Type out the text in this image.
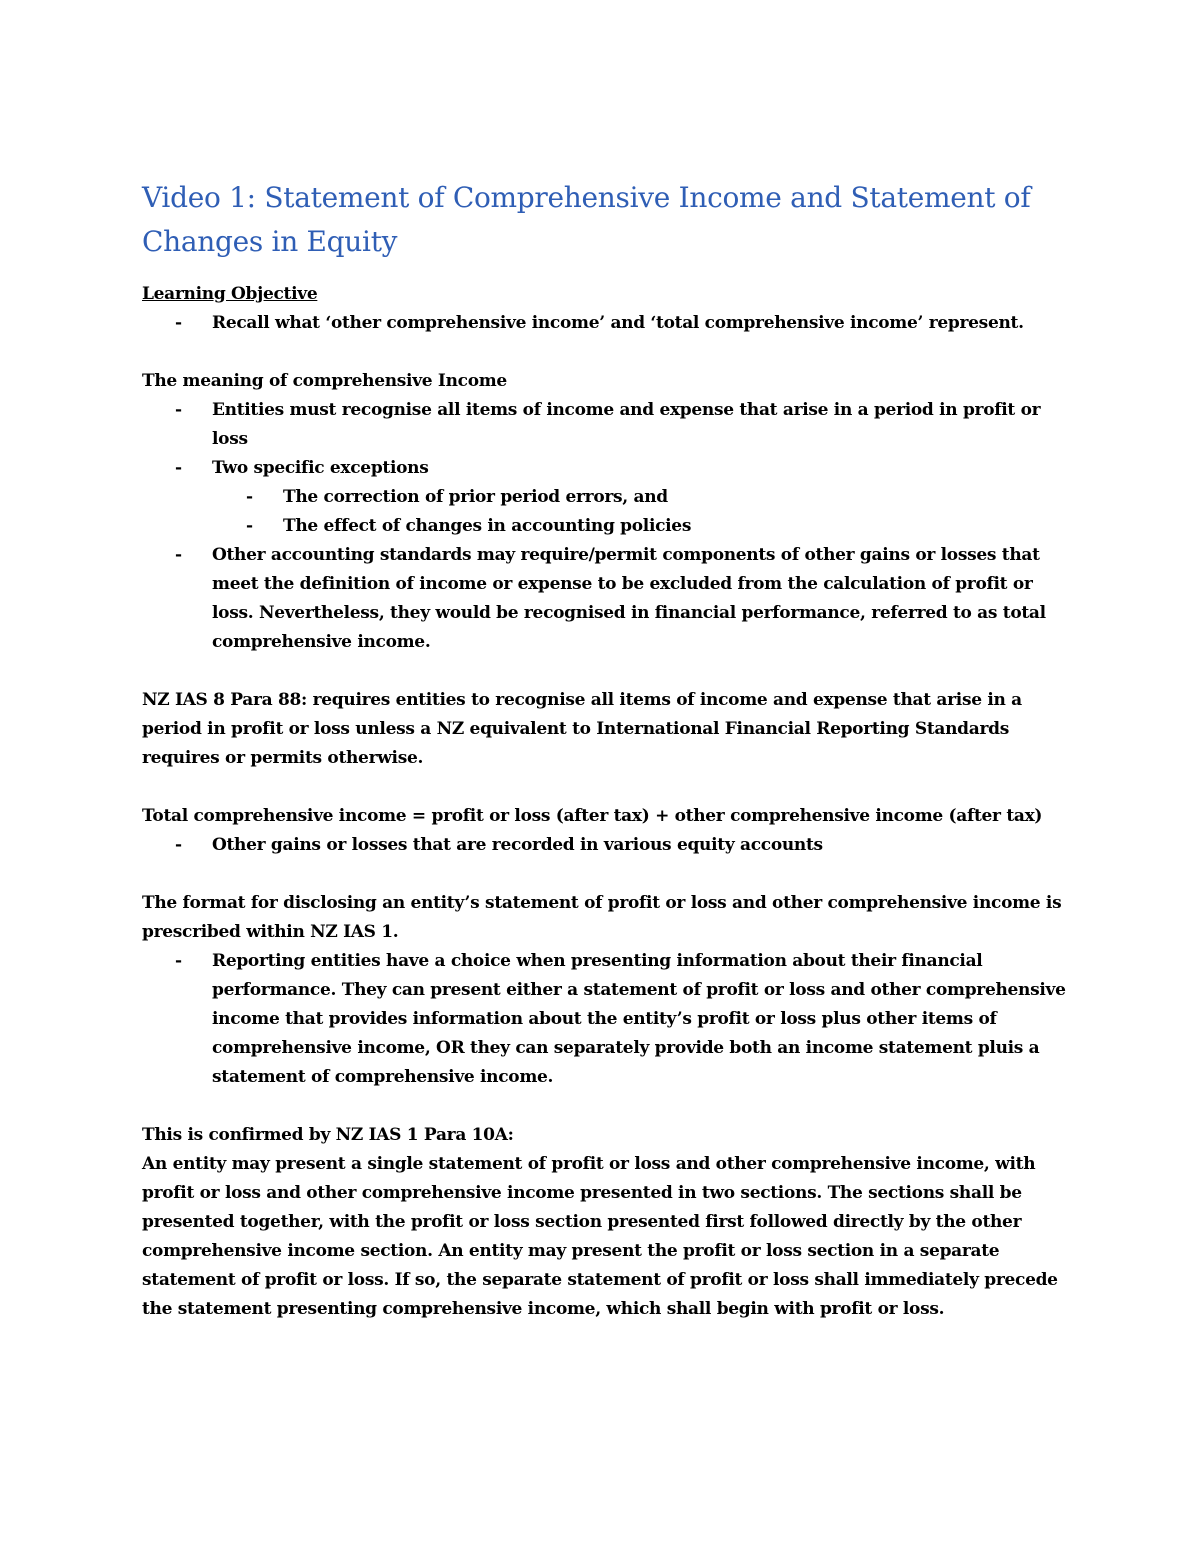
Video 1: Statement of Comprehensive Income and Statement of Changes in Equity
Learning Objective
- Recall what ‘other comprehensive income’ and ‘total comprehensive income’ represent.
The meaning of comprehensive Income
- Entities must recognise all items of income and expense that arise in a period in profit or loss
- Two specific exceptions
- The correction of prior period errors, and
- The effect of changes in accounting policies
- Other accounting standards may require/permit components of other gains or losses that meet the definition of income or expense to be excluded from the calculation of profit or loss. Nevertheless, they would be recognised in financial performance, referred to as total comprehensive income.
NZ IAS 8 Para 88: requires entities to recognise all items of income and expense that arise in a period in profit or loss unless a NZ equivalent to International Financial Reporting Standards requires or permits otherwise.
Total comprehensive income = profit or loss (after tax) + other comprehensive income (after tax)
- Other gains or losses that are recorded in various equity accounts
The format for disclosing an entity’s statement of profit or loss and other comprehensive income is prescribed within NZ IAS 1.
- Reporting entities have a choice when presenting information about their financial performance. They can present either a statement of profit or loss and other comprehensive income that provides information about the entity’s profit or loss plus other items of comprehensive income, OR they can separately provide both an income statement pluis a statement of comprehensive income.
This is confirmed by NZ IAS 1 Para 10A:
An entity may present a single statement of profit or loss and other comprehensive income, with profit or loss and other comprehensive income presented in two sections. The sections shall be presented together, with the profit or loss section presented first followed directly by the other comprehensive income section. An entity may present the profit or loss section in a separate statement of profit or loss. If so, the separate statement of profit or loss shall immediately precede the statement presenting comprehensive income, which shall begin with profit or loss.
